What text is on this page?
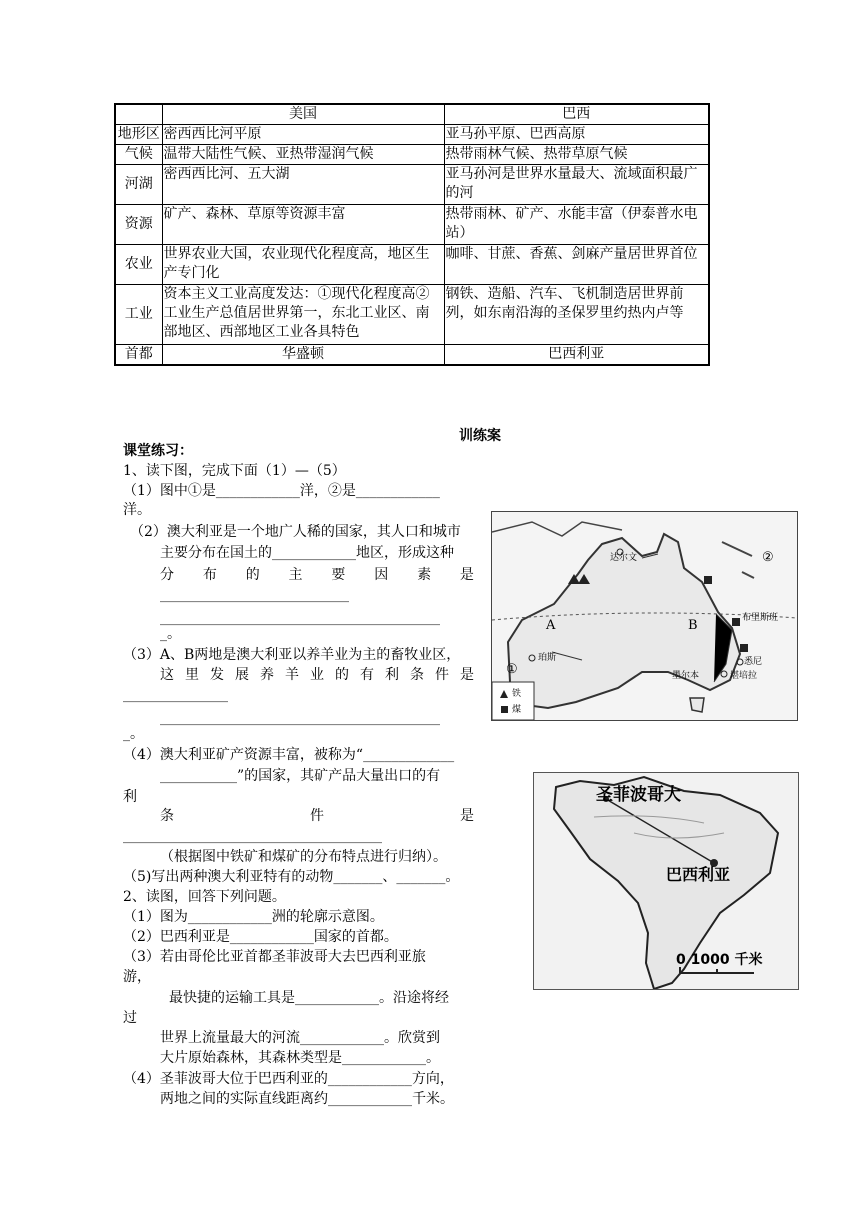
	美国	巴西
地形区	密西西比河平原	亚马孙平原、巴西高原
气候	温带大陆性气候、亚热带湿润气候	热带雨林气候、热带草原气候
河湖	密西西比河、五大湖	亚马孙河是世界水量最大、流域面积最广的河
资源	矿产、森林、草原等资源丰富	热带雨林、矿产、水能丰富（伊泰普水电站）
农业	世界农业大国，农业现代化程度高，地区生产专门化	咖啡、甘蔗、香蕉、剑麻产量居世界首位
工业	资本主义工业高度发达：①现代化程度高②工业生产总值居世界第一，东北工业区、南部地区、西部地区工业各具特色	钢铁、造船、汽车、飞机制造居世界前列，如东南沿海的圣保罗里约热内卢等
首都	华盛顿	巴西利亚
训练案
课堂练习：
1、读下图，完成下面（1）—（5）
（1）图中①是____________洋，②是____________
洋。
（2）澳大利亚是一个地广人稀的国家，其人口和城市
主要分布在国土的____________地区，形成这种
分 布 的 主 要 因 素 是
___________________________
________________________________________
_。
（3）A、B两地是澳大利亚以养羊业为主的畜牧业区，
这 里 发 展 养 羊 业 的 有 利 条 件 是
_______________
________________________________________
_。
（4）澳大利亚矿产资源丰富，被称为“_____________
___________”的国家，其矿产品大量出口的有
利
条	件	是
_____________________________________
（根据图中铁矿和煤矿的分布特点进行归纳）。
（5)写出两种澳大利亚特有的动物_______、_______。
2、读图，回答下列问题。
（1）图为____________洲的轮廓示意图。
（2）巴西利亚是____________国家的首都。
（3）若由哥伦比亚首都圣菲波哥大去巴西利亚旅
游，
最快捷的运输工具是____________。沿途将经
过
世界上流量最大的河流____________。欣赏到
大片原始森林，其森林类型是____________。
（4）圣菲波哥大位于巴西利亚的____________方向，
两地之间的实际直线距离约____________千米。
②
①
A	B
达尔文
墨尔本
珀斯	悉尼
堪培拉
布里斯班
铁
煤
圣菲波哥大
巴西利亚
0 1000 千米
